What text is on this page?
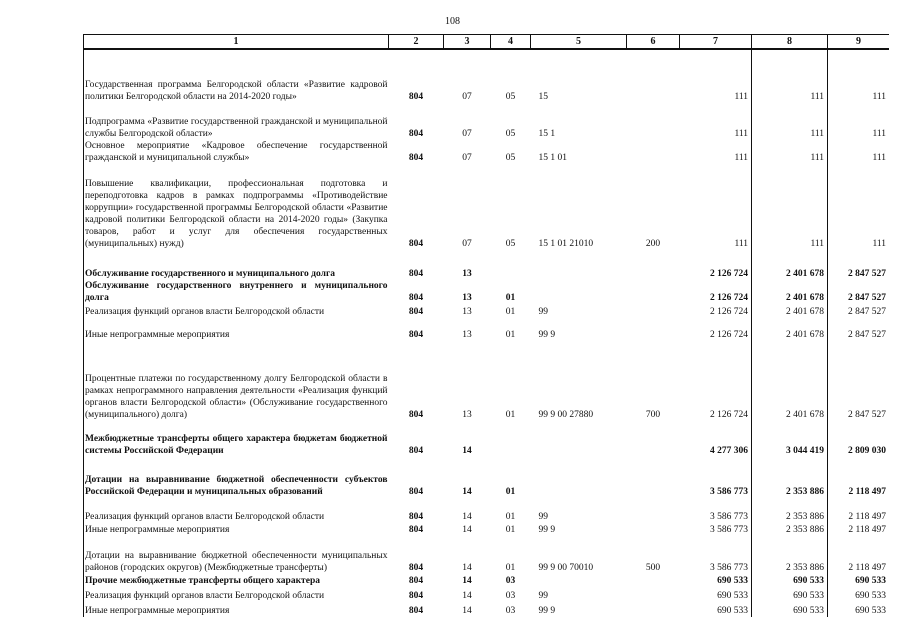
108
1	2	3	4	5	6	7	8	9
Государственная программа Белгородской области «Развитие кадровой политики Белгородской области на 2014-2020 годы»	804	07	05	15		111	111	111
Подпрограмма «Развитие государственной гражданской и муниципальной службы Белгородской области»	804	07	05	15 1		111	111	111
Основное мероприятие «Кадровое обеспечение государственной гражданской и муниципальной службы»	804	07	05	15 1 01		111	111	111
Повышение квалификации, профессиональная подготовка и переподготовка кадров в рамках подпрограммы «Противодействие коррупции» государственной программы Белгородской области «Развитие кадровой политики Белгородской области на 2014-2020 годы» (Закупка товаров, работ и услуг для обеспечения государственных (муниципальных) нужд)	804	07	05	15 1 01 21010	200	111	111	111
Обслуживание государственного и муниципального долга	804	13				2 126 724	2 401 678	2 847 527
Обслуживание государственного внутреннего и муниципального долга	804	13	01			2 126 724	2 401 678	2 847 527
Реализация функций органов власти Белгородской области	804	13	01	99		2 126 724	2 401 678	2 847 527
Иные непрограммные мероприятия	804	13	01	99 9		2 126 724	2 401 678	2 847 527
Процентные платежи по государственному долгу Белгородской области в рамках непрограммного направления деятельности «Реализация функций органов власти Белгородской области» (Обслуживание государственного (муниципального) долга)	804	13	01	99 9 00 27880	700	2 126 724	2 401 678	2 847 527
Межбюджетные трансферты общего характера бюджетам бюджетной системы Российской Федерации	804	14				4 277 306	3 044 419	2 809 030
Дотации на выравнивание бюджетной обеспеченности субъектов Российской Федерации и муниципальных образований	804	14	01			3 586 773	2 353 886	2 118 497
Реализация функций органов власти Белгородской области	804	14	01	99		3 586 773	2 353 886	2 118 497
Иные непрограммные мероприятия	804	14	01	99 9		3 586 773	2 353 886	2 118 497
Дотации на выравнивание бюджетной обеспеченности муниципальных районов (городских округов) (Межбюджетные трансферты)	804	14	01	99 9 00 70010	500	3 586 773	2 353 886	2 118 497
Прочие межбюджетные трансферты общего характера	804	14	03			690 533	690 533	690 533
Реализация функций органов власти Белгородской области	804	14	03	99		690 533	690 533	690 533
Иные непрограммные мероприятия	804	14	03	99 9		690 533	690 533	690 533
